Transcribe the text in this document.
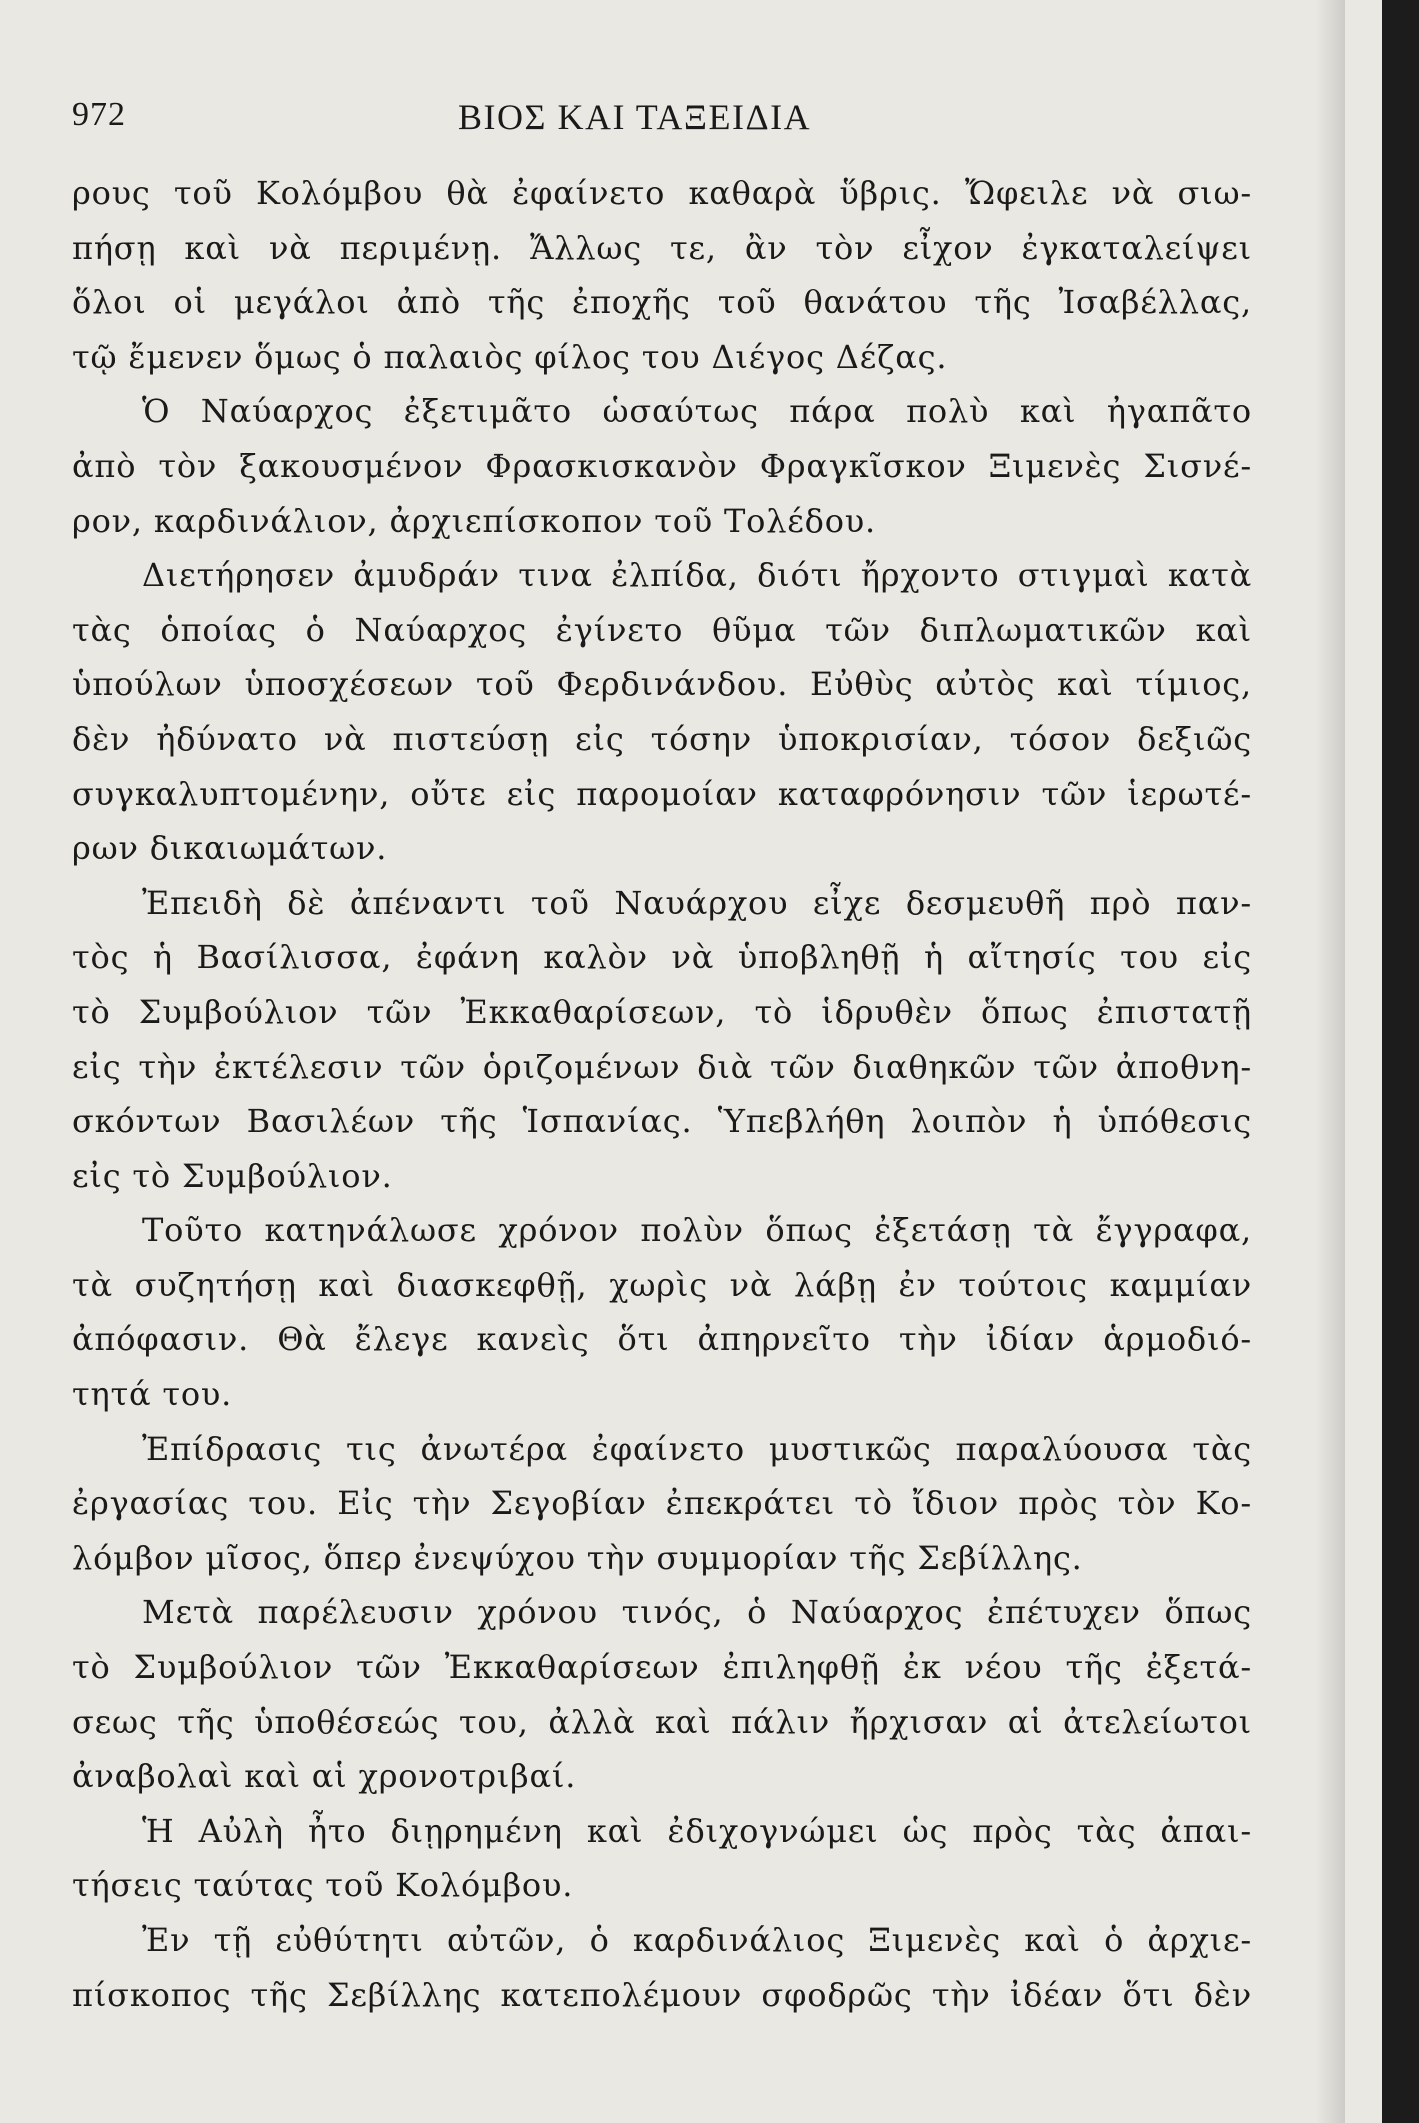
972	ΒΙΟΣ ΚΑΙ ΤΑΞΕΙΔΙΑ
ρους τοῦ Κολόμβου θὰ ἐφαίνετο καθαρὰ ὕβρις. Ὤφειλε νὰ σιω-
πήσῃ καὶ νὰ περιμένῃ. Ἄλλως τε, ἂν τὸν εἶχον ἐγκαταλείψει
ὅλοι οἱ μεγάλοι ἀπὸ τῆς ἐποχῆς τοῦ θανάτου τῆς Ἰσαβέλλας,
τῷ ἔμενεν ὅμως ὁ παλαιὸς φίλος του Διέγος Δέζας.
Ὁ Ναύαρχος ἐξετιμᾶτο ὡσαύτως πάρα πολὺ καὶ ἠγαπᾶτο
ἀπὸ τὸν ξακουσμένον Φρασκισκανὸν Φραγκῖσκον Ξιμενὲς Σισνέ-
ρον, καρδινάλιον, ἀρχιεπίσκοπον τοῦ Τολέδου.
Διετήρησεν ἀμυδράν τινα ἐλπίδα, διότι ἤρχοντο στιγμαὶ κατὰ
τὰς ὁποίας ὁ Ναύαρχος ἐγίνετο θῦμα τῶν διπλωματικῶν καὶ
ὑπούλων ὑποσχέσεων τοῦ Φερδινάνδου. Εὐθὺς αὐτὸς καὶ τίμιος,
δὲν ἠδύνατο νὰ πιστεύσῃ εἰς τόσην ὑποκρισίαν, τόσον δεξιῶς
συγκαλυπτομένην, οὔτε εἰς παρομοίαν καταφρόνησιν τῶν ἱερωτέ-
ρων δικαιωμάτων.
Ἐπειδὴ δὲ ἀπέναντι τοῦ Ναυάρχου εἶχε δεσμευθῆ πρὸ παν-
τὸς ἡ Βασίλισσα, ἐφάνη καλὸν νὰ ὑποβληθῇ ἡ αἴτησίς του εἰς
τὸ Συμβούλιον τῶν Ἐκκαθαρίσεων, τὸ ἱδρυθὲν ὅπως ἐπιστατῇ
εἰς τὴν ἐκτέλεσιν τῶν ὁριζομένων διὰ τῶν διαθηκῶν τῶν ἀποθνη-
σκόντων Βασιλέων τῆς Ἱσπανίας. Ὑπεβλήθη λοιπὸν ἡ ὑπόθεσις
εἰς τὸ Συμβούλιον.
Τοῦτο κατηνάλωσε χρόνον πολὺν ὅπως ἐξετάσῃ τὰ ἔγγραφα,
τὰ συζητήσῃ καὶ διασκεφθῇ, χωρὶς νὰ λάβῃ ἐν τούτοις καμμίαν
ἀπόφασιν. Θὰ ἔλεγε κανεὶς ὅτι ἀπηρνεῖτο τὴν ἰδίαν ἁρμοδιό-
τητά του.
Ἐπίδρασις τις ἀνωτέρα ἐφαίνετο μυστικῶς παραλύουσα τὰς
ἐργασίας του. Εἰς τὴν Σεγοβίαν ἐπεκράτει τὸ ἴδιον πρὸς τὸν Κο-
λόμβον μῖσος, ὅπερ ἐνεψύχου τὴν συμμορίαν τῆς Σεβίλλης.
Μετὰ παρέλευσιν χρόνου τινός, ὁ Ναύαρχος ἐπέτυχεν ὅπως
τὸ Συμβούλιον τῶν Ἐκκαθαρίσεων ἐπιληφθῇ ἐκ νέου τῆς ἐξετά-
σεως τῆς ὑποθέσεώς του, ἀλλὰ καὶ πάλιν ἤρχισαν αἱ ἀτελείωτοι
ἀναβολαὶ καὶ αἱ χρονοτριβαί.
Ἡ Αὐλὴ ἦτο διῃρημένη καὶ ἐδιχογνώμει ὡς πρὸς τὰς ἀπαι-
τήσεις ταύτας τοῦ Κολόμβου.
Ἐν τῇ εὐθύτητι αὐτῶν, ὁ καρδινάλιος Ξιμενὲς καὶ ὁ ἀρχιε-
πίσκοπος τῆς Σεβίλλης κατεπολέμουν σφοδρῶς τὴν ἰδέαν ὅτι δὲν
